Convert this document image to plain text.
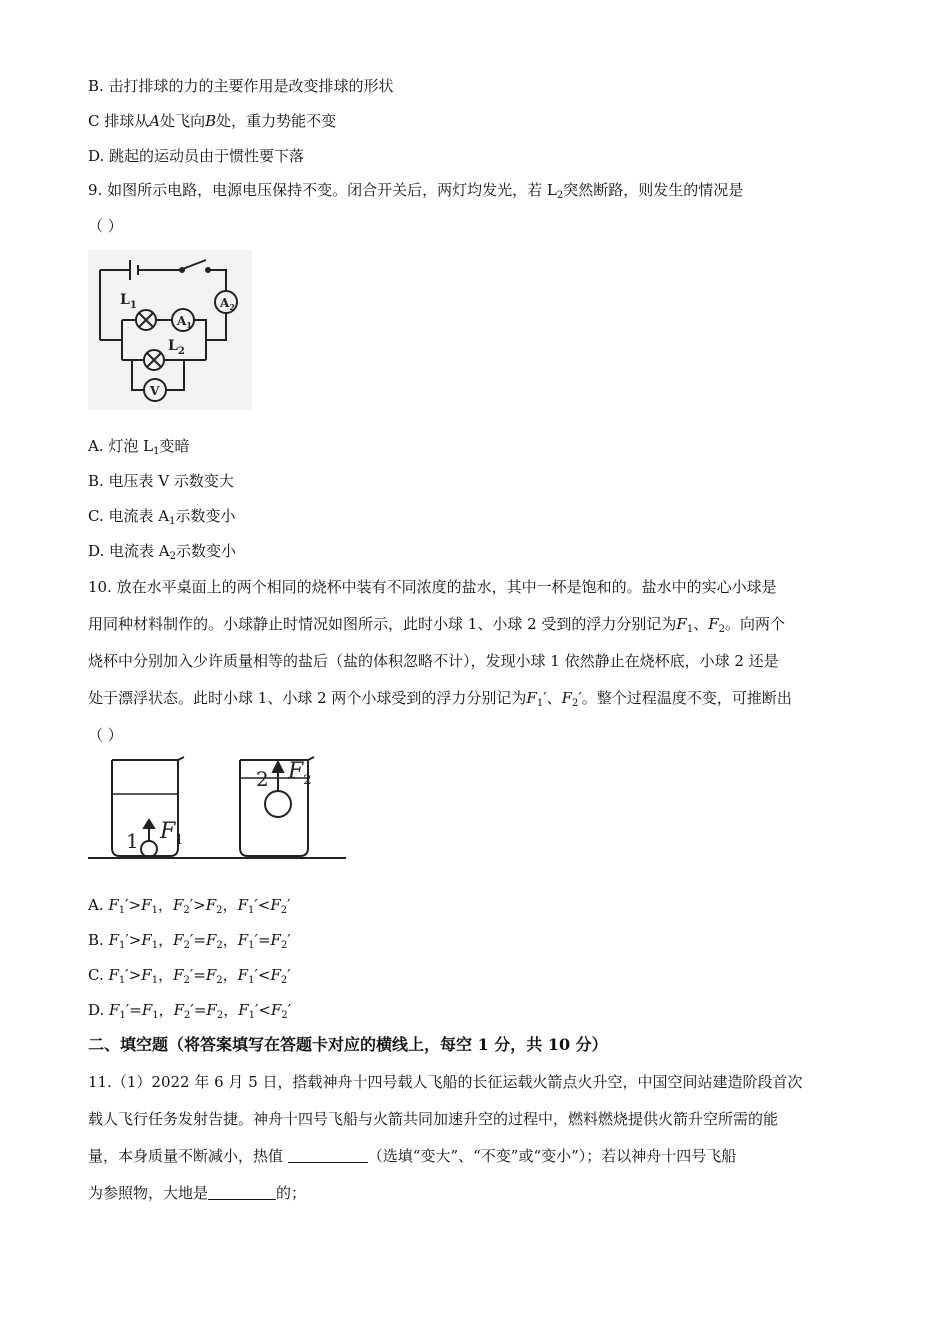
B. 击打排球的力的主要作用是改变排球的形状
C 排球从A处飞向B处，重力势能不变
D. 跳起的运动员由于惯性要下落
9. 如图所示电路，电源电压保持不变。闭合开关后，两灯均发光，若 $L_2$突然断路，则发生的情况是
（ ）
$L_1$
$L_2$
$A_1$
$A_2$
V
A. 灯泡 $L_1$变暗
B. 电压表 V 示数变大
C. 电流表 $A_1$示数变小
D. 电流表 $A_2$示数变小
10. 放在水平桌面上的两个相同的烧杯中装有不同浓度的盐水，其中一杯是饱和的。盐水中的实心小球是
用同种材料制作的。小球静止时情况如图所示，此时小球 1、小球 2 受到的浮力分别记为$F_1$、$F_2$。向两个
烧杯中分别加入少许质量相等的盐后（盐的体积忽略不计），发现小球 1 依然静止在烧杯底，小球 2 还是
处于漂浮状态。此时小球 1、小球 2 两个小球受到的浮力分别记为$F_1'$、$F_2'$。整个过程温度不变，可推断出
（ ）
1 $F_1$
2 $F_2$
A. $F_1'>F_1$，$F_2'>F_2$，$F_1'<F_2'$
B. $F_1'>F_1$，$F_2'=F_2$，$F_1'=F_2'$
C. $F_1'>F_1$，$F_2'=F_2$，$F_1'<F_2'$
D. $F_1'=F_1$，$F_2'=F_2$，$F_1'<F_2'$
二、填空题（将答案填写在答题卡对应的横线上，每空 1 分，共 10 分）
11.（1）2022 年 6 月 5 日，搭载神舟十四号载人飞船的长征运载火箭点火升空，中国空间站建造阶段首次
载人飞行任务发射告捷。神舟十四号飞船与火箭共同加速升空的过程中，燃料燃烧提供火箭升空所需的能
量，本身质量不断减小，热值	（选填“变大”、“不变”或“变小”）；若以神舟十四号飞船
为参照物，大地是	的；
